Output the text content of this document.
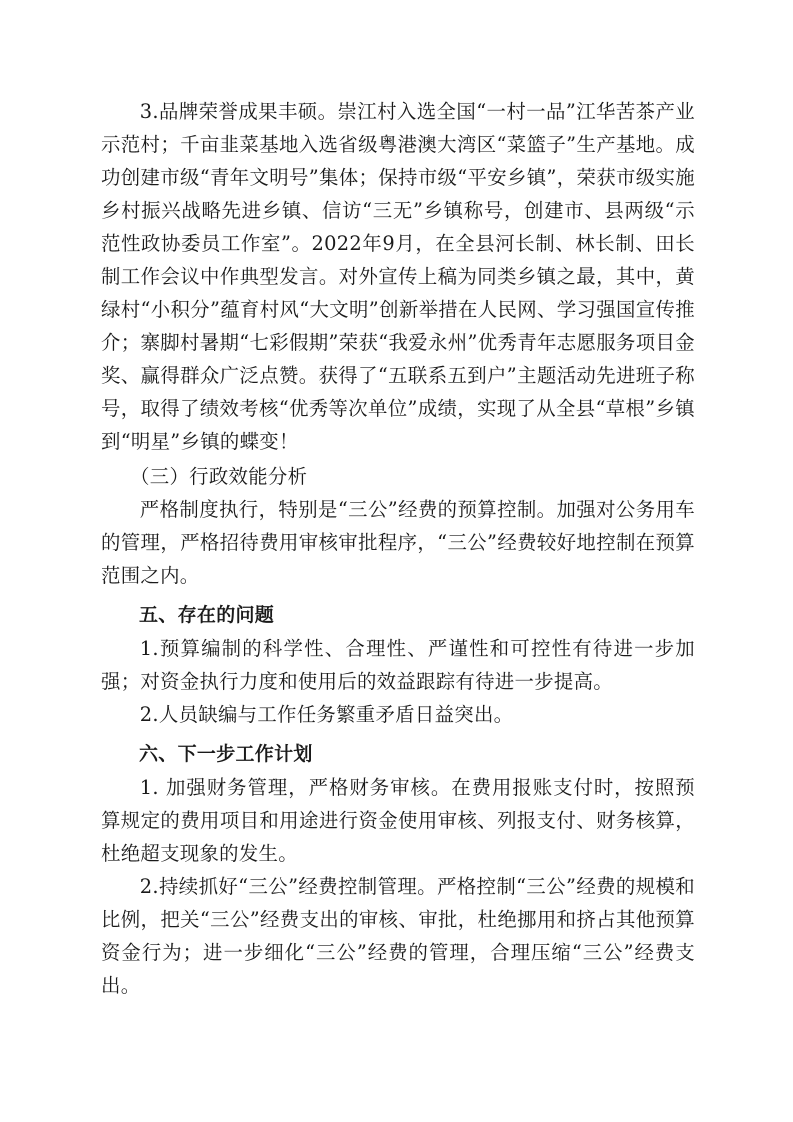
3.品牌荣誉成果丰硕。崇江村入选全国“一村一品”江华苦茶产业示范村；千亩韭菜基地入选省级粤港澳大湾区“菜篮子”生产基地。成功创建市级“青年文明号”集体；保持市级“平安乡镇”，荣获市级实施乡村振兴战略先进乡镇、信访“三无”乡镇称号，创建市、县两级“示范性政协委员工作室”。2022年9月，在全县河长制、林长制、田长制工作会议中作典型发言。对外宣传上稿为同类乡镇之最，其中，黄绿村“小积分”蕴育村风“大文明”创新举措在人民网、学习强国宣传推介；寨脚村暑期“七彩假期”荣获“我爱永州”优秀青年志愿服务项目金奖、赢得群众广泛点赞。获得了“五联系五到户”主题活动先进班子称号，取得了绩效考核“优秀等次单位”成绩，实现了从全县“草根”乡镇到“明星”乡镇的蝶变！

（三）行政效能分析

严格制度执行，特别是“三公”经费的预算控制。加强对公务用车的管理，严格招待费用审核审批程序，“三公”经费较好地控制在预算范围之内。

五、存在的问题

1.预算编制的科学性、合理性、严谨性和可控性有待进一步加强；对资金执行力度和使用后的效益跟踪有待进一步提高。

2.人员缺编与工作任务繁重矛盾日益突出。

六、下一步工作计划

1. 加强财务管理，严格财务审核。在费用报账支付时，按照预算规定的费用项目和用途进行资金使用审核、列报支付、财务核算，杜绝超支现象的发生。

2.持续抓好“三公”经费控制管理。严格控制“三公”经费的规模和比例，把关“三公”经费支出的审核、审批，杜绝挪用和挤占其他预算资金行为；进一步细化“三公”经费的管理，合理压缩“三公”经费支出。
